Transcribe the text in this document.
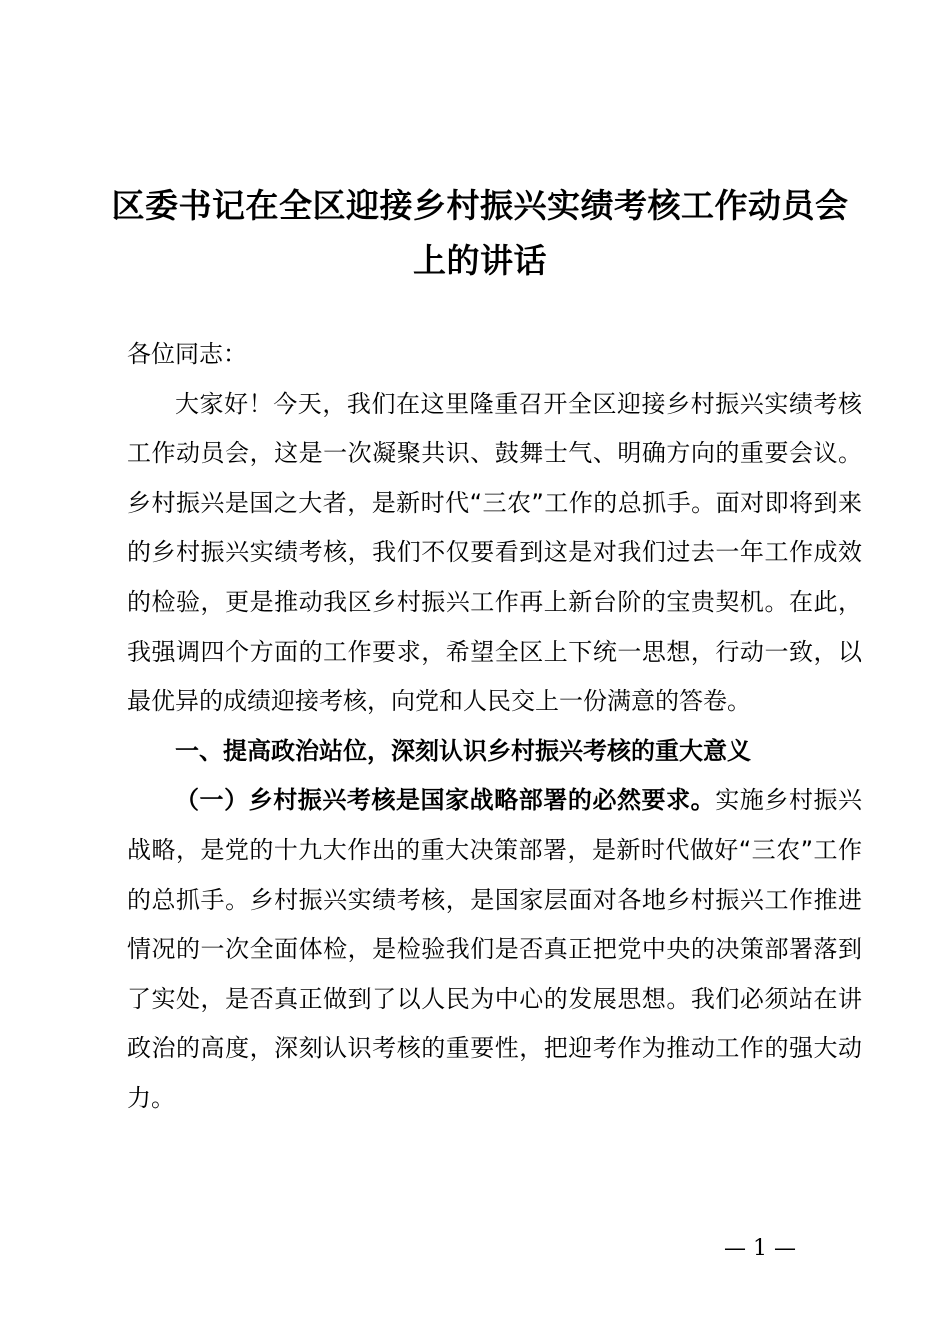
区委书记在全区迎接乡村振兴实绩考核工作动员会上的讲话

各位同志：

大家好！今天，我们在这里隆重召开全区迎接乡村振兴实绩考核工作动员会，这是一次凝聚共识、鼓舞士气、明确方向的重要会议。乡村振兴是国之大者，是新时代“三农”工作的总抓手。面对即将到来的乡村振兴实绩考核，我们不仅要看到这是对我们过去一年工作成效的检验，更是推动我区乡村振兴工作再上新台阶的宝贵契机。在此，我强调四个方面的工作要求，希望全区上下统一思想，行动一致，以最优异的成绩迎接考核，向党和人民交上一份满意的答卷。

一、提高政治站位，深刻认识乡村振兴考核的重大意义

（一）乡村振兴考核是国家战略部署的必然要求。实施乡村振兴战略，是党的十九大作出的重大决策部署，是新时代做好“三农”工作的总抓手。乡村振兴实绩考核，是国家层面对各地乡村振兴工作推进情况的一次全面体检，是检验我们是否真正把党中央的决策部署落到了实处，是否真正做到了以人民为中心的发展思想。我们必须站在讲政治的高度，深刻认识考核的重要性，把迎考作为推动工作的强大动力。

— 1 —
